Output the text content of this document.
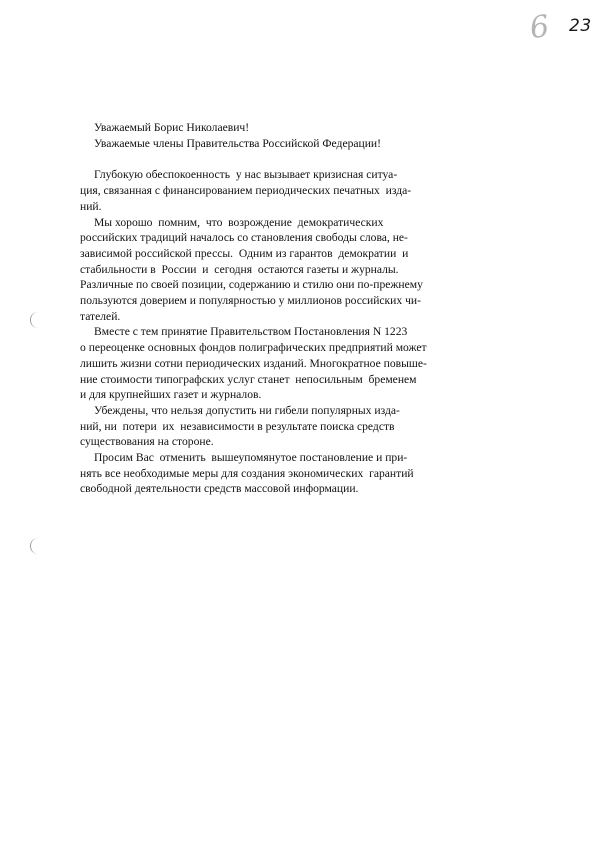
6 23

Уважаемый Борис Николаевич!

Уважаемые члены Правительства Российской Федерации!

Глубокую обеспокоенность  у нас вызывает кризисная ситуа-

ция, связанная с финансированием периодических печатных  изда-

ний.

Мы хорошо  помним,  что  возрождение  демократических

российских традиций началось со становления свободы слова, не-

зависимой российской прессы.  Одним из гарантов  демократии  и

стабильности в  России  и  сегодня  остаются газеты и журналы.

Различные по своей позиции, содержанию и стилю они по-прежнему

пользуются доверием и популярностью у миллионов российских чи-

тателей.

Вместе с тем принятие Правительством Постановления N 1223

о переоценке основных фондов полиграфических предприятий может

лишить жизни сотни периодических изданий. Многократное повыше-

ние стоимости типографских услуг станет  непосильным  бременем

и для крупнейших газет и журналов.

Убеждены, что нельзя допустить ни гибели популярных изда-

ний, ни  потери  их  независимости в результате поиска средств

существования на стороне.

Просим Вас  отменить  вышеупомянутое постановление и при-

нять все необходимые меры для создания экономических  гарантий

свободной деятельности средств массовой информации.
